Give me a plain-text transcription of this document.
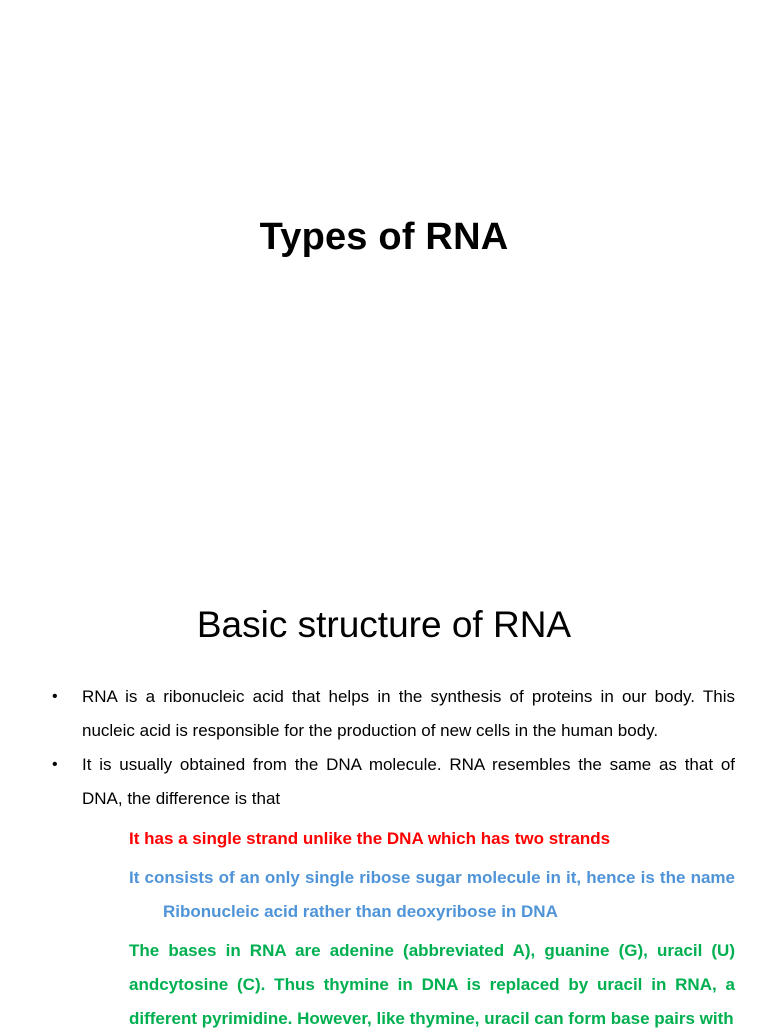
Types of RNA
Basic structure of RNA
• RNA is a ribonucleic acid that helps in the synthesis of proteins in our body. This nucleic acid is responsible for the production of new cells in the human body.
• It is usually obtained from the DNA molecule. RNA resembles the same as that of DNA, the difference is that
It has a single strand unlike the DNA which has two strands
It consists of an only single ribose sugar molecule in it, hence is the nameRibonucleic acid rather than deoxyribose in DNA
The bases in RNA are adenine (abbreviated A), guanine (G), uracil (U) andcytosine (C). Thus thymine in DNA is replaced by uracil in RNA, a different pyrimidine. However, like thymine, uracil can form base pairs with
